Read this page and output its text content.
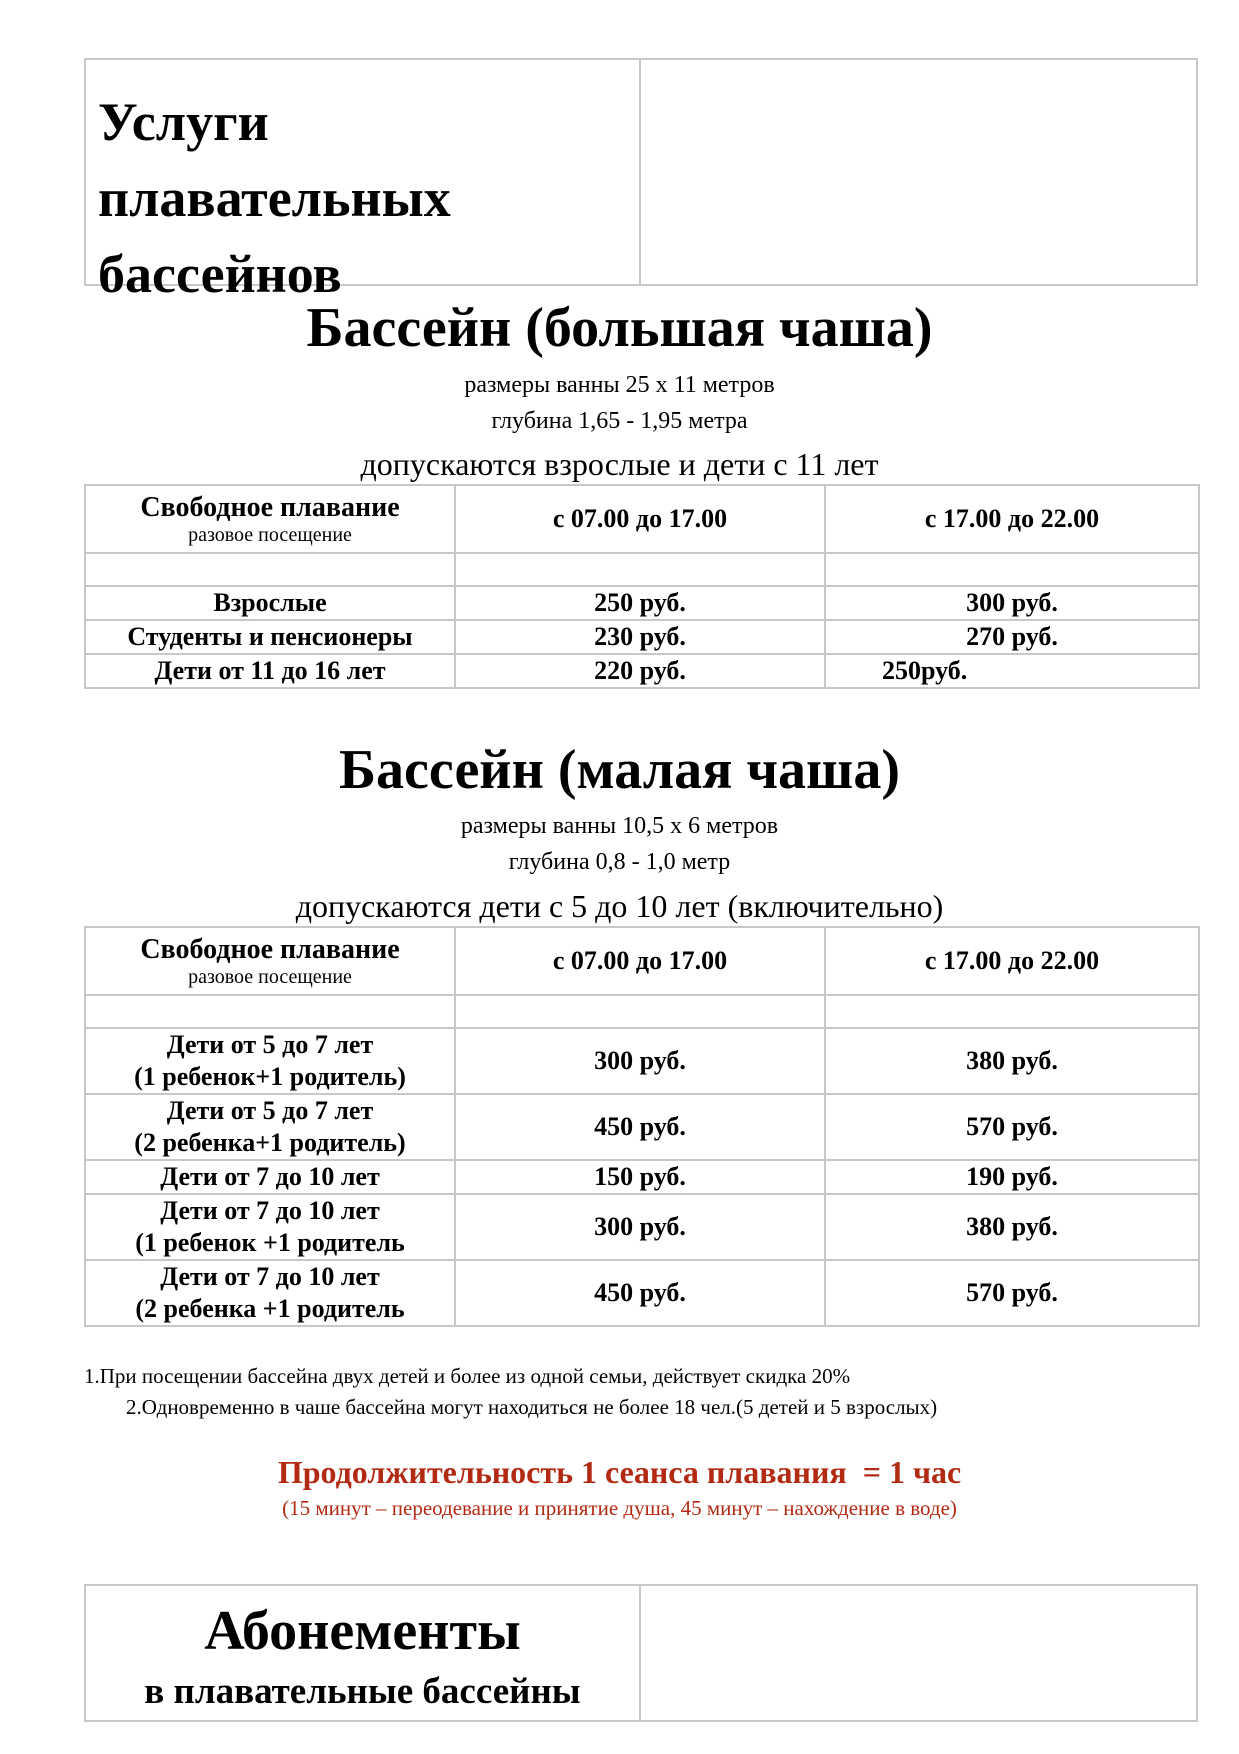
Услуги
плавательных
бассейнов
Бассейн (большая чаша)
размеры ванны 25 x 11 метров
глубина 1,65 - 1,95 метра
допускаются взрослые и дети с 11 лет
Свободное плавание
разовое посещение	с 07.00 до 17.00	с 17.00 до 22.00

Взрослые	250 руб.	300 руб.
Студенты и пенсионеры	230 руб.	270 руб.
Дети от 11 до 16 лет	220 руб.	250руб.
Бассейн (малая чаша)
размеры ванны 10,5 x 6 метров
глубина 0,8 - 1,0 метр
допускаются дети с 5 до 10 лет (включительно)
Свободное плавание
разовое посещение	с 07.00 до 17.00	с 17.00 до 22.00

Дети от 5 до 7 лет
(1 ребенок+1 родитель)	300 руб.	380 руб.

Дети от 5 до 7 лет
(2 ребенка+1 родитель)	450 руб.	570 руб.
Дети от 7 до 10 лет	150 руб.	190 руб.

Дети от 7 до 10 лет
(1 ребенок +1 родитель	300 руб.	380 руб.

Дети от 7 до 10 лет
(2 ребенка +1 родитель	450 руб.	570 руб.
1.При посещении бассейна двух детей и более из одной семьи, действует скидка 20%
2.Одновременно в чаше бассейна могут находиться не более 18 чел.(5 детей и 5 взрослых)
Продолжительность 1 сеанса плавания  = 1 час
(15 минут – переодевание и принятие душа, 45 минут – нахождение в воде)
Абонементы
в плавательные бассейны
